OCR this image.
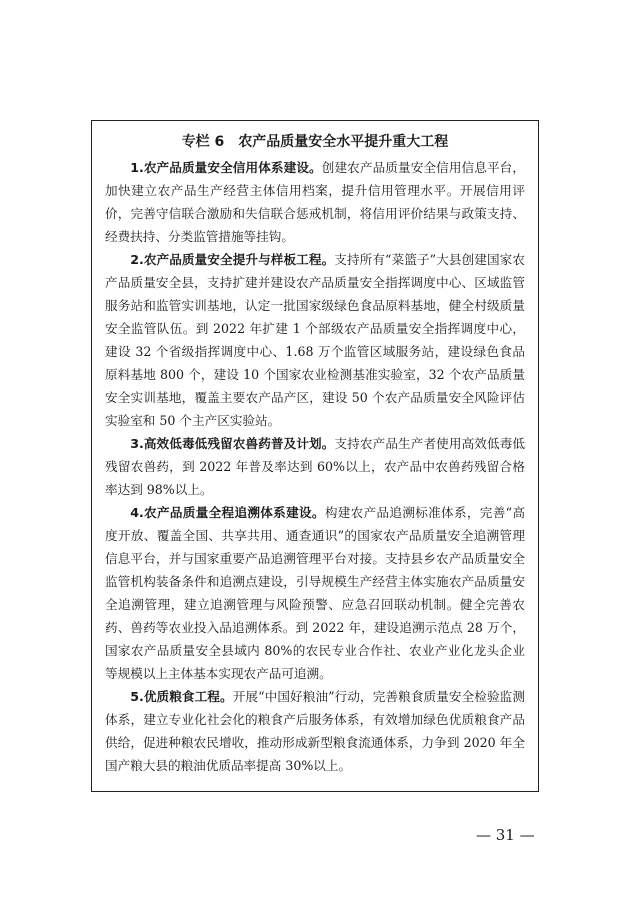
专栏 6 农产品质量安全水平提升重大工程

1.农产品质量安全信用体系建设。创建农产品质量安全信用信息平台，加快建立农产品生产经营主体信用档案，提升信用管理水平。开展信用评价，完善守信联合激励和失信联合惩戒机制，将信用评价结果与政策支持、经费扶持、分类监管措施等挂钩。

2.农产品质量安全提升与样板工程。支持所有“菜篮子”大县创建国家农产品质量安全县，支持扩建并建设农产品质量安全指挥调度中心、区域监管服务站和监管实训基地，认定一批国家级绿色食品原料基地，健全村级质量安全监管队伍。到 2022 年扩建 1 个部级农产品质量安全指挥调度中心，建设 32 个省级指挥调度中心、1.68 万个监管区域服务站，建设绿色食品原料基地 800 个，建设 10 个国家农业检测基准实验室，32 个农产品质量安全实训基地，覆盖主要农产品产区，建设 50 个农产品质量安全风险评估实验室和 50 个主产区实验站。

3.高效低毒低残留农兽药普及计划。支持农产品生产者使用高效低毒低残留农兽药，到 2022 年普及率达到 60%以上，农产品中农兽药残留合格率达到 98%以上。

4.农产品质量全程追溯体系建设。构建农产品追溯标准体系，完善“高度开放、覆盖全国、共享共用、通查通识”的国家农产品质量安全追溯管理信息平台，并与国家重要产品追溯管理平台对接。支持县乡农产品质量安全监管机构装备条件和追溯点建设，引导规模生产经营主体实施农产品质量安全追溯管理，建立追溯管理与风险预警、应急召回联动机制。健全完善农药、兽药等农业投入品追溯体系。到 2022 年，建设追溯示范点 28 万个，国家农产品质量安全县域内 80%的农民专业合作社、农业产业化龙头企业等规模以上主体基本实现农产品可追溯。

5.优质粮食工程。开展“中国好粮油”行动，完善粮食质量安全检验监测体系，建立专业化社会化的粮食产后服务体系，有效增加绿色优质粮食产品供给，促进种粮农民增收，推动形成新型粮食流通体系，力争到 2020 年全国产粮大县的粮油优质品率提高 30%以上。

— 31 —
